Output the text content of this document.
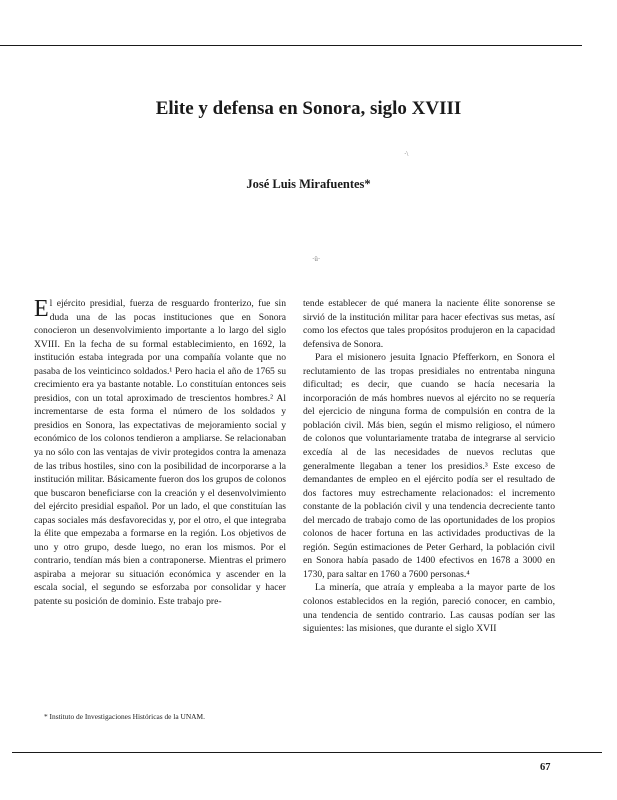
Elite y defensa en Sonora, siglo XVIII
·\
José Luis Mirafuentes*
·ü·

El ejército presidial, fuerza de resguardo fronterizo, fue sin duda una de las pocas instituciones que en Sonora conocieron un desenvolvimiento importante a lo largo del siglo XVIII. En la fecha de su formal establecimiento, en 1692, la institución estaba integrada por una compañía volante que no pasaba de los veinticinco soldados.¹ Pero hacia el año de 1765 su crecimiento era ya bastante notable. Lo constituían entonces seis presidios, con un total aproximado de trescientos hombres.² Al incrementarse de esta forma el número de los soldados y presidios en Sonora, las expectativas de mejoramiento social y económico de los colonos tendieron a ampliarse. Se relacionaban ya no sólo con las ventajas de vivir protegidos contra la amenaza de las tribus hostiles, sino con la posibilidad de incorporarse a la institución militar. Básicamente fueron dos los grupos de colonos que buscaron beneficiarse con la creación y el desenvolvimiento del ejército presidial español. Por un lado, el que constituían las capas sociales más desfavorecidas y, por el otro, el que integraba la élite que empezaba a formarse en la región. Los objetivos de uno y otro grupo, desde luego, no eran los mismos. Por el contrario, tendían más bien a contraponerse. Mientras el primero aspiraba a mejorar su situación económica y ascender en la escala social, el segundo se esforzaba por consolidar y hacer patente su posición de dominio. Este trabajo pre-

tende establecer de qué manera la naciente élite sonorense se sirvió de la institución militar para hacer efectivas sus metas, así como los efectos que tales propósitos produjeron en la capacidad defensiva de Sonora.

Para el misionero jesuita Ignacio Pfefferkorn, en Sonora el reclutamiento de las tropas presidiales no entrentaba ninguna dificultad; es decir, que cuando se hacía necesaria la incorporación de más hombres nuevos al ejército no se requería del ejercicio de ninguna forma de compulsión en contra de la población civil. Más bien, según el mismo religioso, el número de colonos que voluntariamente trataba de integrarse al servicio excedía al de las necesidades de nuevos reclutas que generalmente llegaban a tener los presidios.³ Este exceso de demandantes de empleo en el ejército podía ser el resultado de dos factores muy estrechamente relacionados: el incremento constante de la población civil y una tendencia decreciente tanto del mercado de trabajo como de las oportunidades de los propios colonos de hacer fortuna en las actividades productivas de la región. Según estimaciones de Peter Gerhard, la población civil en Sonora había pasado de 1400 efectivos en 1678 a 3000 en 1730, para saltar en 1760 a 7600 personas.⁴

La minería, que atraía y empleaba a la mayor parte de los colonos establecidos en la región, pareció conocer, en cambio, una tendencia de sentido contrario. Las causas podían ser las siguientes: las misiones, que durante el siglo XVII

* Instituto de Investigaciones Históricas de la UNAM.
67
